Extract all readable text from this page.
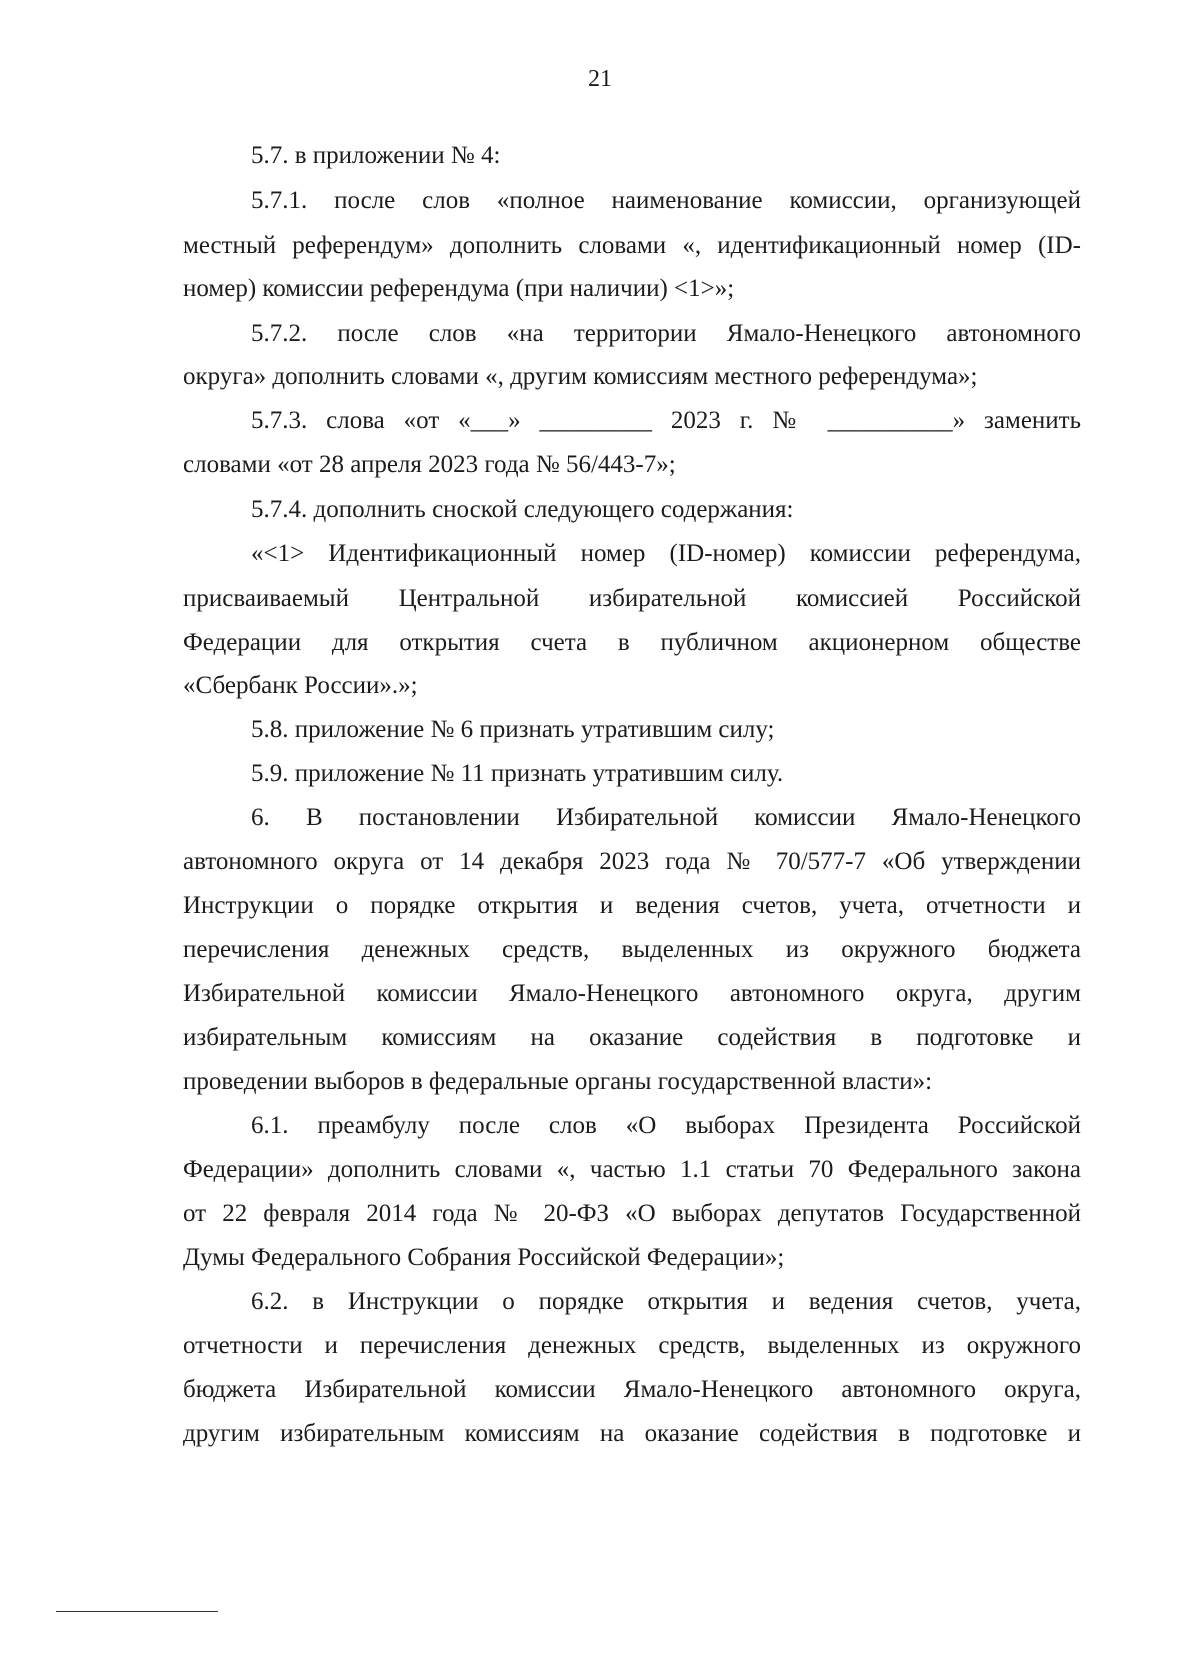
21

5.7. в приложении № 4:

5.7.1. после слов «полное наименование комиссии, организующей

местный референдум» дополнить словами «, идентификационный номер (ID-

номер) комиссии референдума (при наличии) <1>»;

5.7.2. после слов «на территории Ямало-Ненецкого автономного

округа» дополнить словами «, другим комиссиям местного референдума»;

5.7.3. слова «от «___» _________ 2023 г. № __________» заменить

словами «от 28 апреля 2023 года № 56/443-7»;

5.7.4. дополнить сноской следующего содержания:

«<1> Идентификационный номер (ID-номер) комиссии референдума,

присваиваемый Центральной избирательной комиссией Российской

Федерации для открытия счета в публичном акционерном обществе

«Сбербанк России».»;

5.8. приложение № 6 признать утратившим силу;

5.9. приложение № 11 признать утратившим силу.

6. В постановлении Избирательной комиссии Ямало-Ненецкого

автономного округа от 14 декабря 2023 года № 70/577-7 «Об утверждении

Инструкции о порядке открытия и ведения счетов, учета, отчетности и

перечисления денежных средств, выделенных из окружного бюджета

Избирательной комиссии Ямало-Ненецкого автономного округа, другим

избирательным комиссиям на оказание содействия в подготовке и

проведении выборов в федеральные органы государственной власти»:

6.1. преамбулу после слов «О выборах Президента Российской

Федерации» дополнить словами «, частью 1.1 статьи 70 Федерального закона

от 22 февраля 2014 года № 20-ФЗ «О выборах депутатов Государственной

Думы Федерального Собрания Российской Федерации»;

6.2. в Инструкции о порядке открытия и ведения счетов, учета,

отчетности и перечисления денежных средств, выделенных из окружного

бюджета Избирательной комиссии Ямало-Ненецкого автономного округа,

другим избирательным комиссиям на оказание содействия в подготовке и
